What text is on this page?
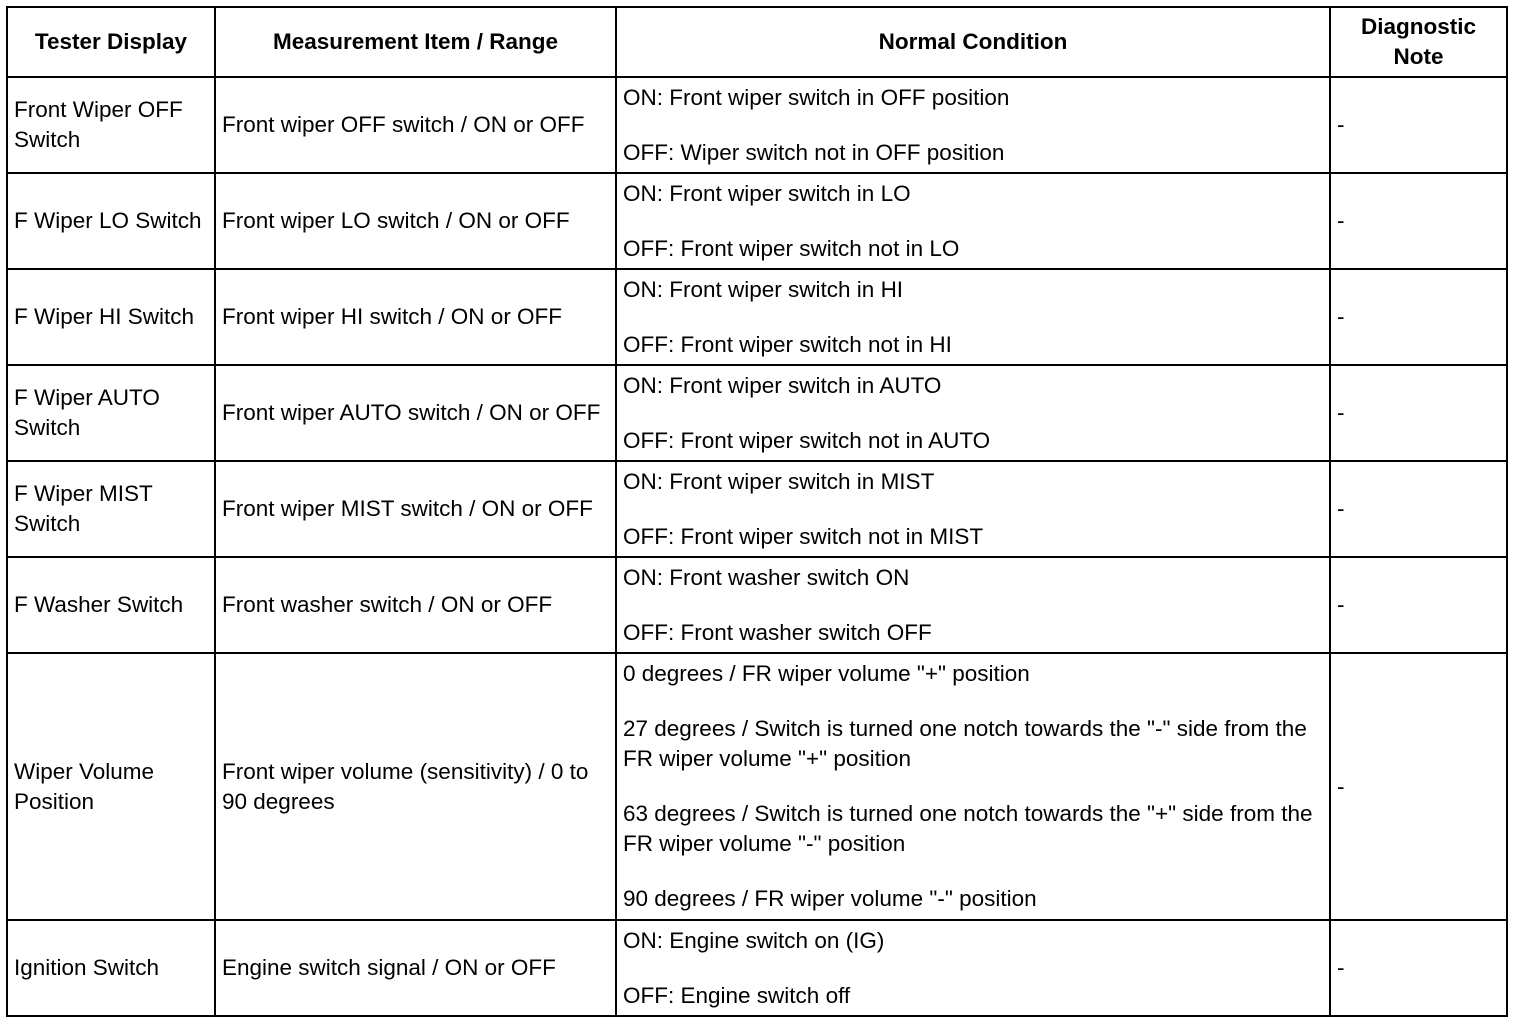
Tester Display	Measurement Item / Range	Normal Condition	Diagnostic Note
Front Wiper OFF Switch	Front wiper OFF switch / ON or OFF	ON: Front wiper switch in OFF position

OFF: Wiper switch not in OFF position	-
F Wiper LO Switch	Front wiper LO switch / ON or OFF	ON: Front wiper switch in LO

OFF: Front wiper switch not in LO	-
F Wiper HI Switch	Front wiper HI switch / ON or OFF	ON: Front wiper switch in HI

OFF: Front wiper switch not in HI	-
F Wiper AUTO Switch	Front wiper AUTO switch / ON or OFF	ON: Front wiper switch in AUTO

OFF: Front wiper switch not in AUTO	-
F Wiper MIST Switch	Front wiper MIST switch / ON or OFF	ON: Front wiper switch in MIST

OFF: Front wiper switch not in MIST	-
F Washer Switch	Front washer switch / ON or OFF	ON: Front washer switch ON

OFF: Front washer switch OFF	-
Wiper Volume Position	Front wiper volume (sensitivity) / 0 to 90 degrees	0 degrees / FR wiper volume "+" position

27 degrees / Switch is turned one notch towards the "-" side from the FR wiper volume "+" position

63 degrees / Switch is turned one notch towards the "+" side from the FR wiper volume "-" position

90 degrees / FR wiper volume "-" position	-
Ignition Switch	Engine switch signal / ON or OFF	ON: Engine switch on (IG)

OFF: Engine switch off	-
